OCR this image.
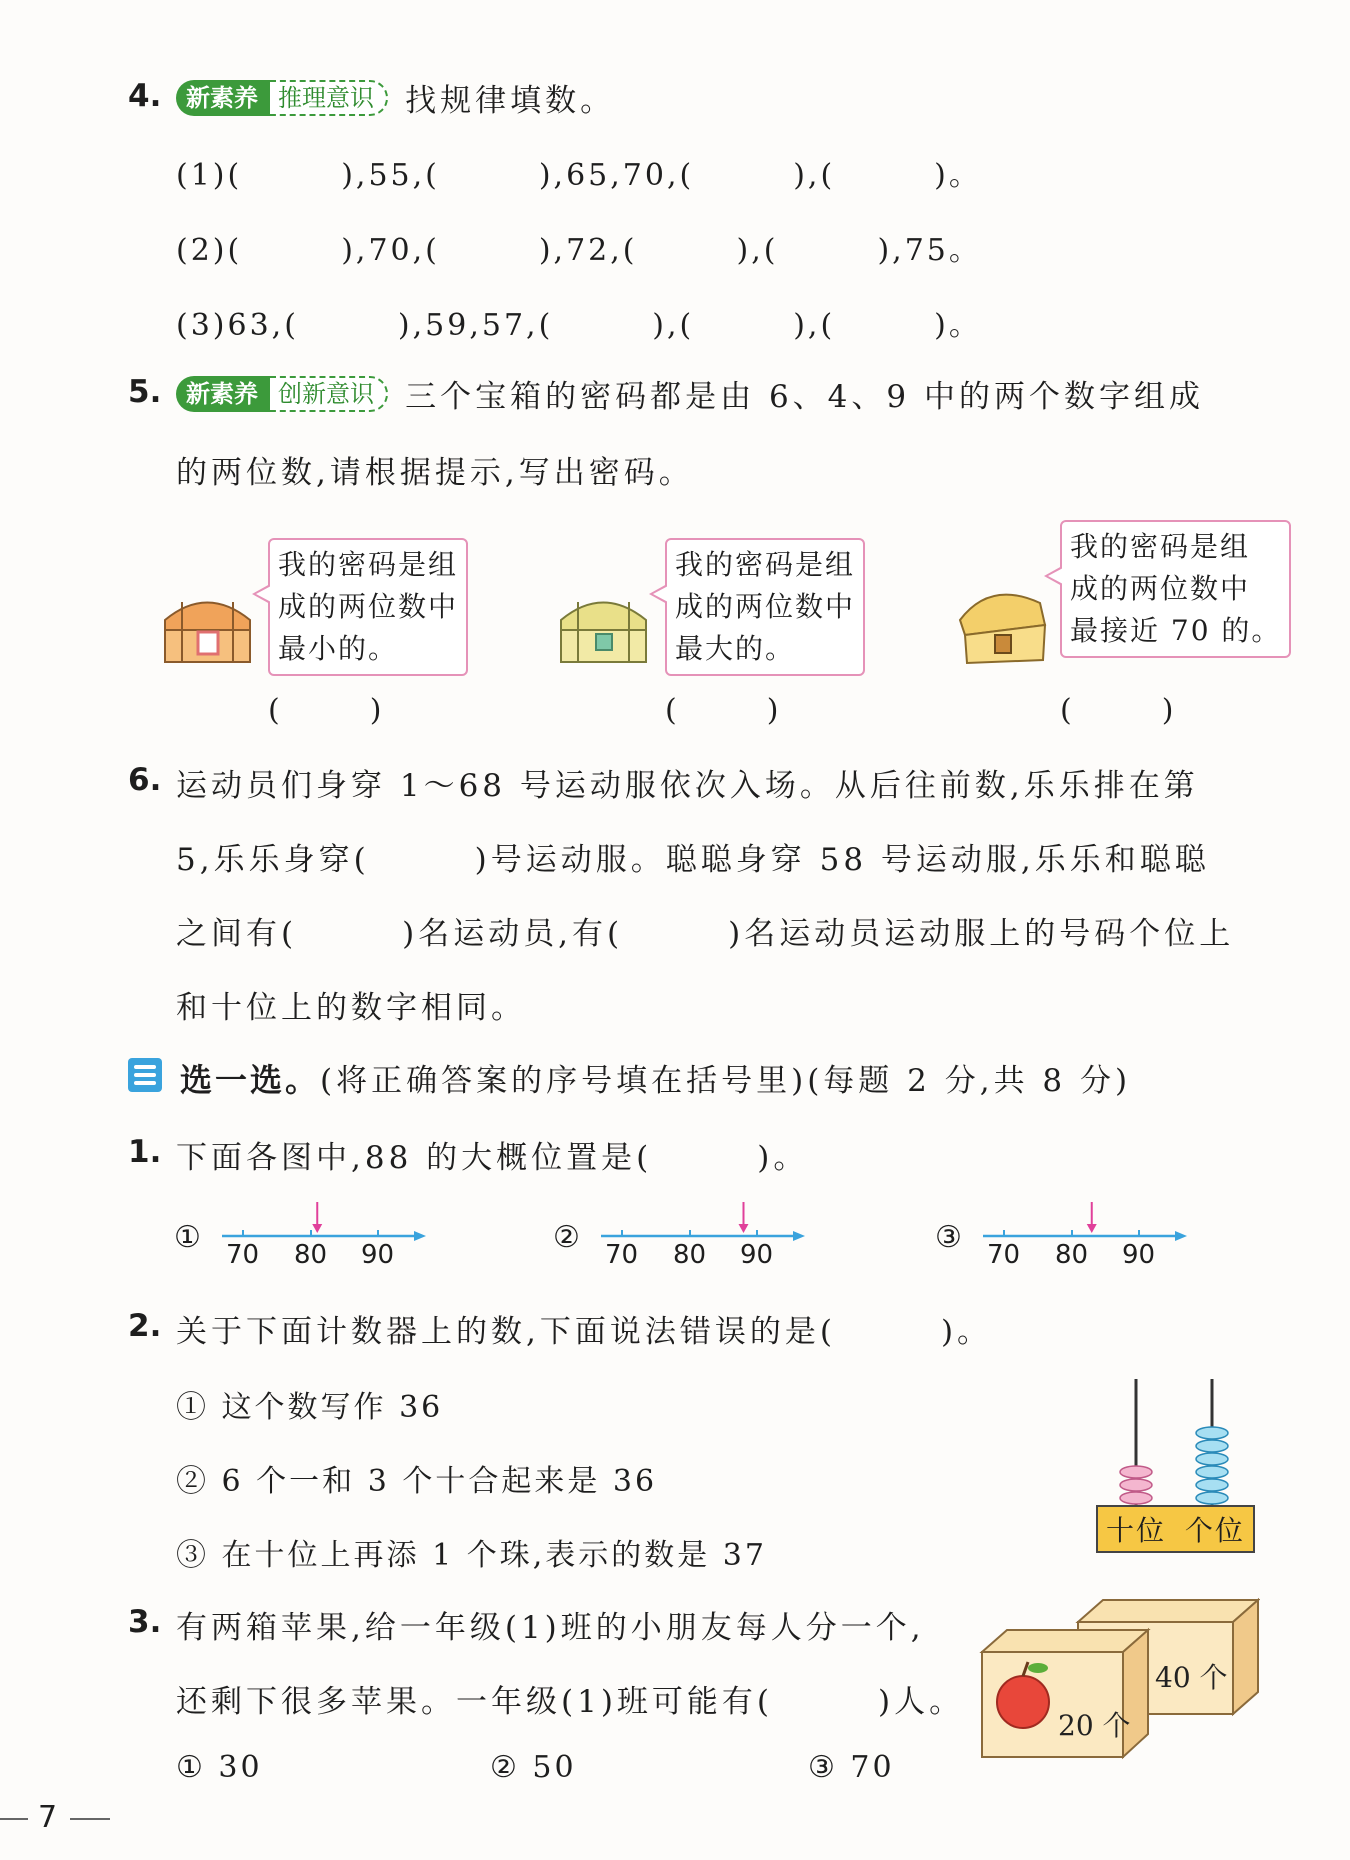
4.	新素养 推理意识	找规律填数。
(1)(　　　),55,(　　　),65,70,(　　　),(　　　)。
(2)(　　　),70,(　　　),72,(　　　),(　　　),75。
(3)63,(　　　),59,57,(　　　),(　　　),(　　　)。
5.	新素养 创新意识	三个宝箱的密码都是由 6、4、9 中的两个数字组成
的两位数,请根据提示,写出密码。
我的密码是组
成的两位数中
最小的。
我的密码是组
成的两位数中
最大的。
我的密码是组
成的两位数中
最接近 70 的。
(　　　)	(　　　)	(　　　)
6. 运动员们身穿 1～68 号运动服依次入场。从后往前数,乐乐排在第
5,乐乐身穿(　　　)号运动服。聪聪身穿 58 号运动服,乐乐和聪聪
之间有(　　　)名运动员,有(　　　)名运动员运动服上的号码个位上
和十位上的数字相同。
选一选。(将正确答案的序号填在括号里)(每题 2 分,共 8 分)
1. 下面各图中,88 的大概位置是(　　　)。
① 70 80 90	② 70 80 90	③ 70 80 90
2. 关于下面计数器上的数,下面说法错误的是(　　　)。
① 这个数写作 36
② 6 个一和 3 个十合起来是 36
③ 在十位上再添 1 个珠,表示的数是 37
十位 个位
3. 有两箱苹果,给一年级(1)班的小朋友每人分一个,
还剩下很多苹果。一年级(1)班可能有(　　　)人。
① 30	② 50	③ 70
20 个
40 个
7
